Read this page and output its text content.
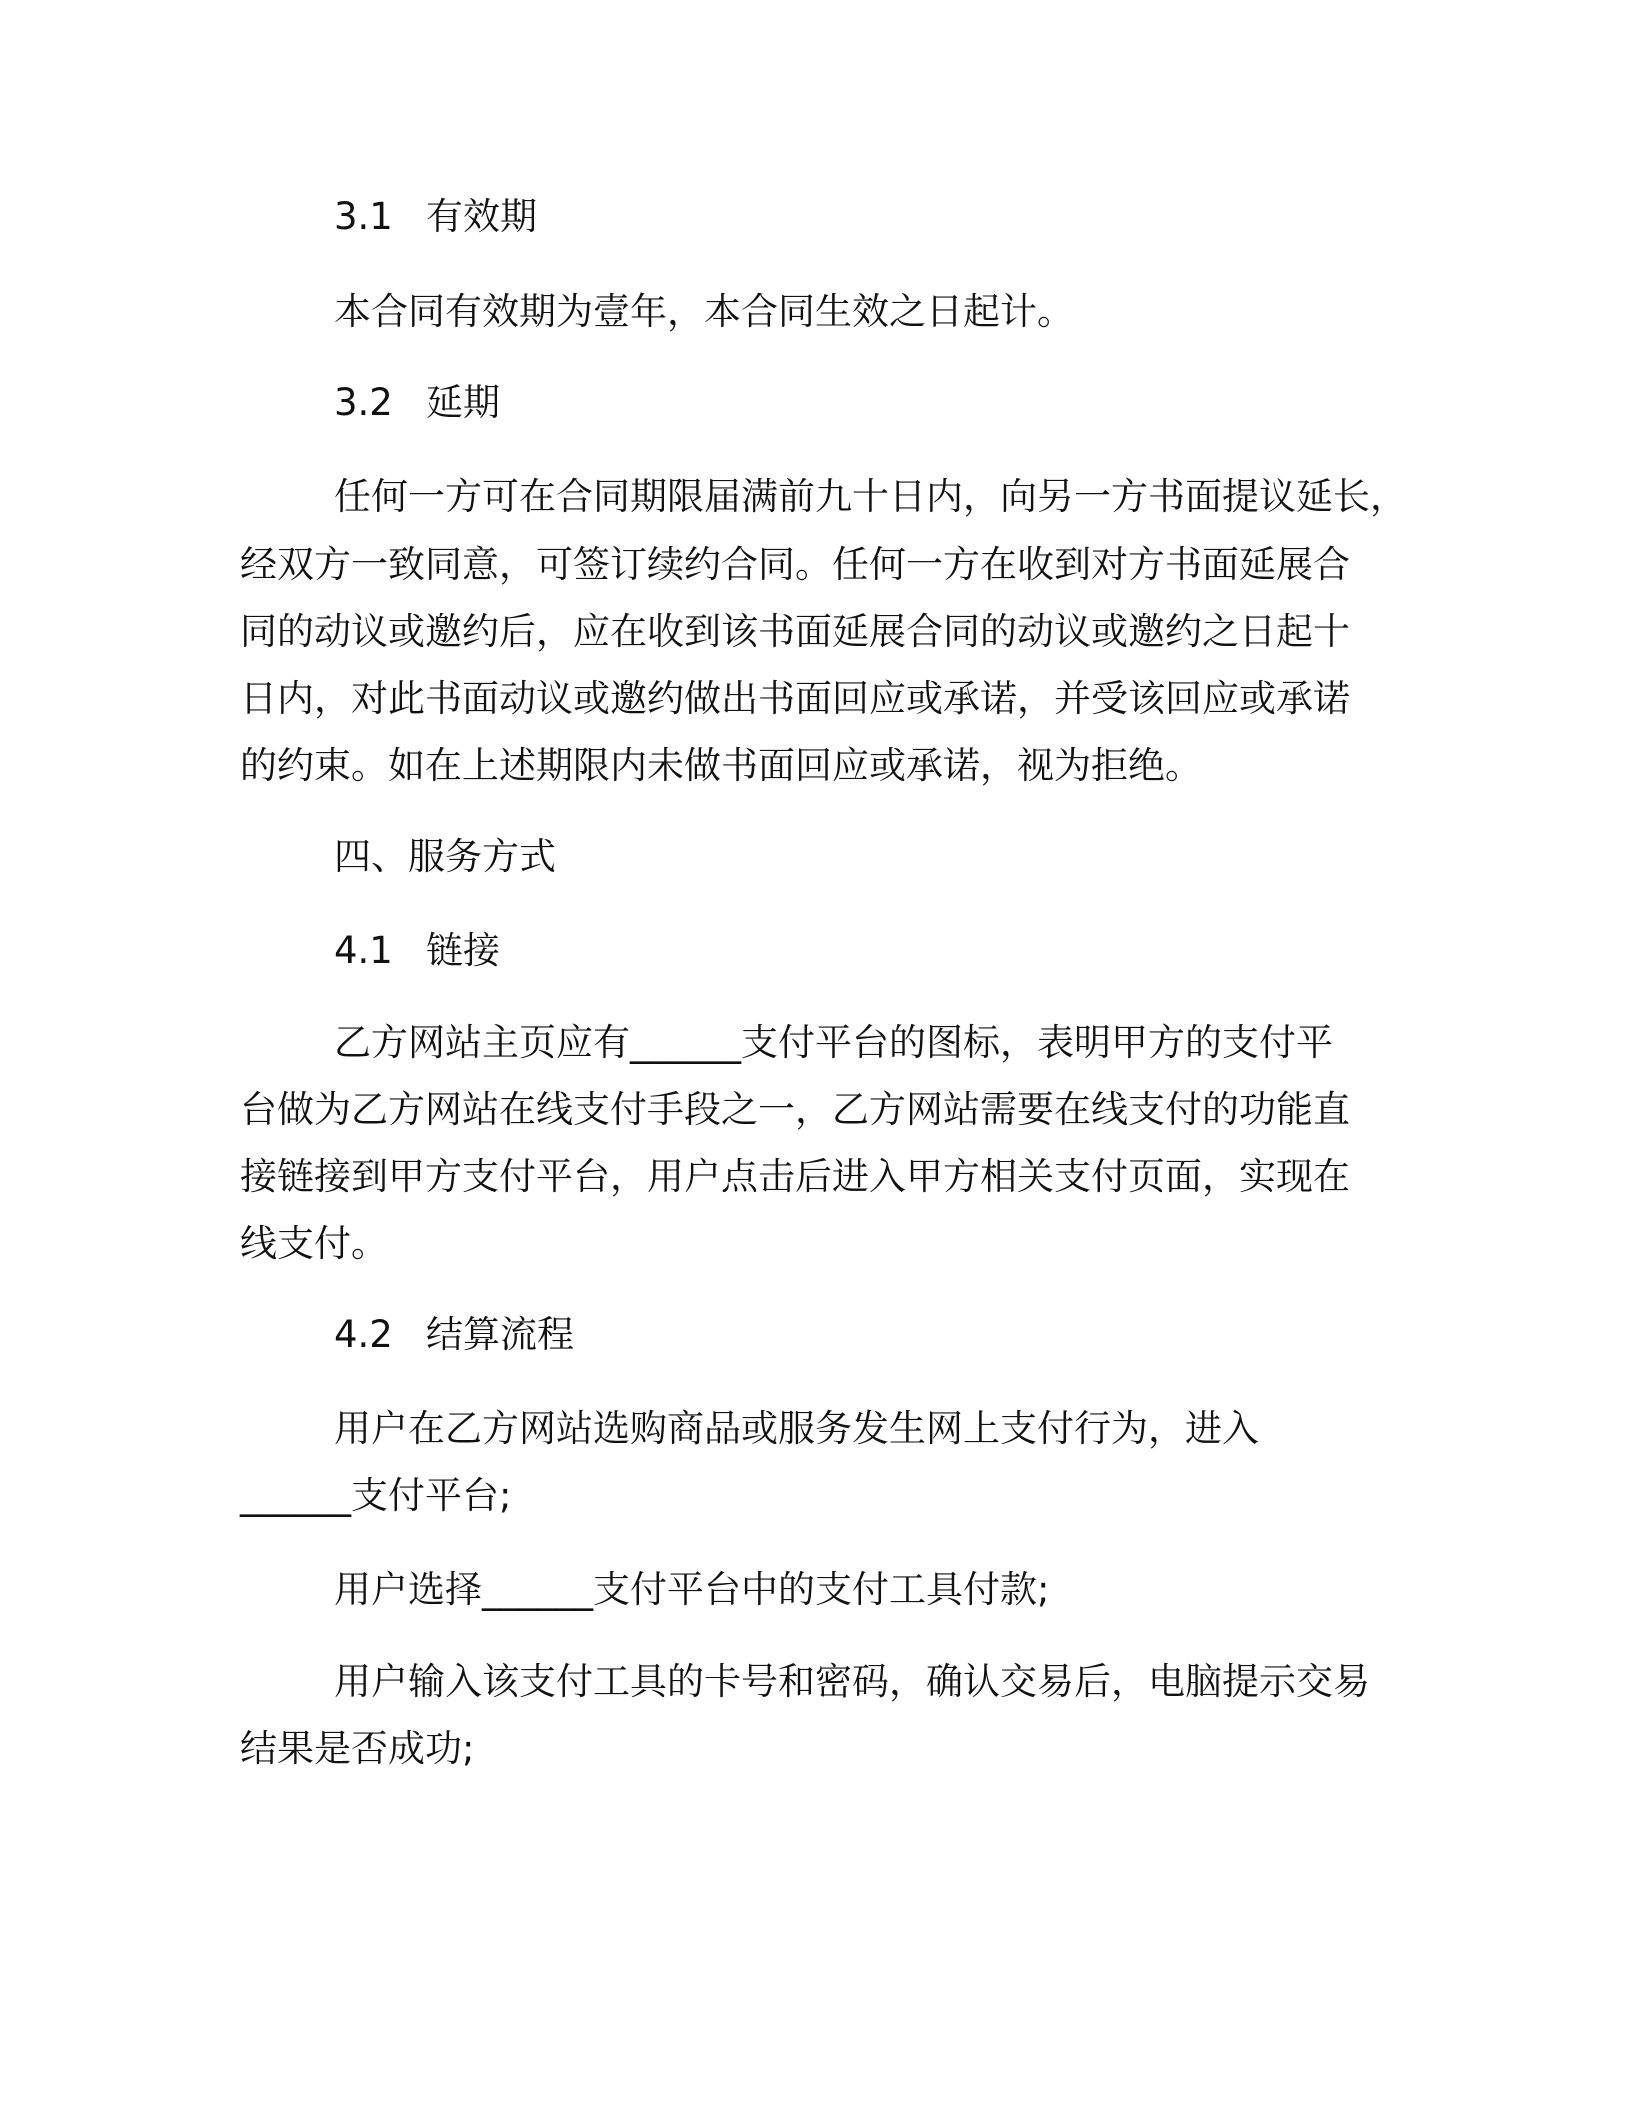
3.1 有效期
本合同有效期为壹年，本合同生效之日起计。
3.2 延期
任何一方可在合同期限届满前九十日内，向另一方书面提议延长，
经双方一致同意，可签订续约合同。任何一方在收到对方书面延展合
同的动议或邀约后，应在收到该书面延展合同的动议或邀约之日起十
日内，对此书面动议或邀约做出书面回应或承诺，并受该回应或承诺
的约束。如在上述期限内未做书面回应或承诺，视为拒绝。
四、服务方式
4.1 链接
乙方网站主页应有______支付平台的图标，表明甲方的支付平
台做为乙方网站在线支付手段之一，乙方网站需要在线支付的功能直
接链接到甲方支付平台，用户点击后进入甲方相关支付页面，实现在
线支付。
4.2 结算流程
用户在乙方网站选购商品或服务发生网上支付行为，进入
______支付平台;
用户选择______支付平台中的支付工具付款;
用户输入该支付工具的卡号和密码，确认交易后，电脑提示交易
结果是否成功;
